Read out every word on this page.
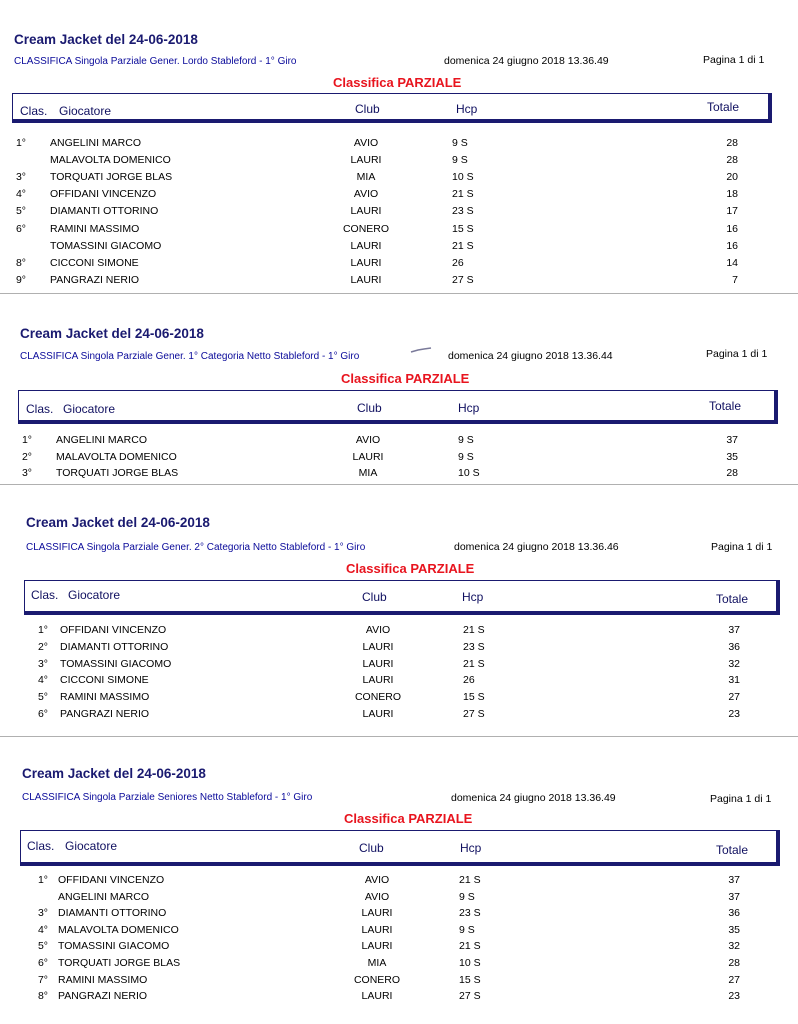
Cream Jacket del 24-06-2018
CLASSIFICA Singola Parziale Gener. Lordo Stableford - 1° Giro	domenica 24 giugno 2018 13.36.49	Pagina 1 di 1
Classifica PARZIALE
Clas. Giocatore	Club	Hcp	Totale
1° ANGELINI MARCO	AVIO	9 S	28
MALAVOLTA DOMENICO	LAURI	9 S	28
3° TORQUATI JORGE BLAS	MIA	10 S	20
4° OFFIDANI VINCENZO	AVIO	21 S	18
5° DIAMANTI OTTORINO	LAURI	23 S	17
6° RAMINI MASSIMO	CONERO	15 S	16
TOMASSINI GIACOMO	LAURI	21 S	16
8° CICCONI SIMONE	LAURI	26	14
9° PANGRAZI NERIO	LAURI	27 S	7
Cream Jacket del 24-06-2018
CLASSIFICA Singola Parziale Gener. 1° Categoria Netto Stableford - 1° Giro	domenica 24 giugno 2018 13.36.44	Pagina 1 di 1
Classifica PARZIALE
Clas. Giocatore	Club	Hcp	Totale
1° ANGELINI MARCO	AVIO	9 S	37
2° MALAVOLTA DOMENICO	LAURI	9 S	35
3° TORQUATI JORGE BLAS	MIA	10 S	28
Cream Jacket del 24-06-2018
CLASSIFICA Singola Parziale Gener. 2° Categoria Netto Stableford - 1° Giro	domenica 24 giugno 2018 13.36.46	Pagina 1 di 1
Classifica PARZIALE
Clas. Giocatore	Club	Hcp	Totale
1° OFFIDANI VINCENZO	AVIO	21 S	37
2° DIAMANTI OTTORINO	LAURI	23 S	36
3° TOMASSINI GIACOMO	LAURI	21 S	32
4° CICCONI SIMONE	LAURI	26	31
5° RAMINI MASSIMO	CONERO	15 S	27
6° PANGRAZI NERIO	LAURI	27 S	23
Cream Jacket del 24-06-2018
CLASSIFICA Singola Parziale Seniores Netto Stableford - 1° Giro	domenica 24 giugno 2018 13.36.49	Pagina 1 di 1
Classifica PARZIALE
Clas. Giocatore	Club	Hcp	Totale
1° OFFIDANI VINCENZO	AVIO	21 S	37
ANGELINI MARCO	AVIO	9 S	37
3° DIAMANTI OTTORINO	LAURI	23 S	36
4° MALAVOLTA DOMENICO	LAURI	9 S	35
5° TOMASSINI GIACOMO	LAURI	21 S	32
6° TORQUATI JORGE BLAS	MIA	10 S	28
7° RAMINI MASSIMO	CONERO	15 S	27
8° PANGRAZI NERIO	LAURI	27 S	23
